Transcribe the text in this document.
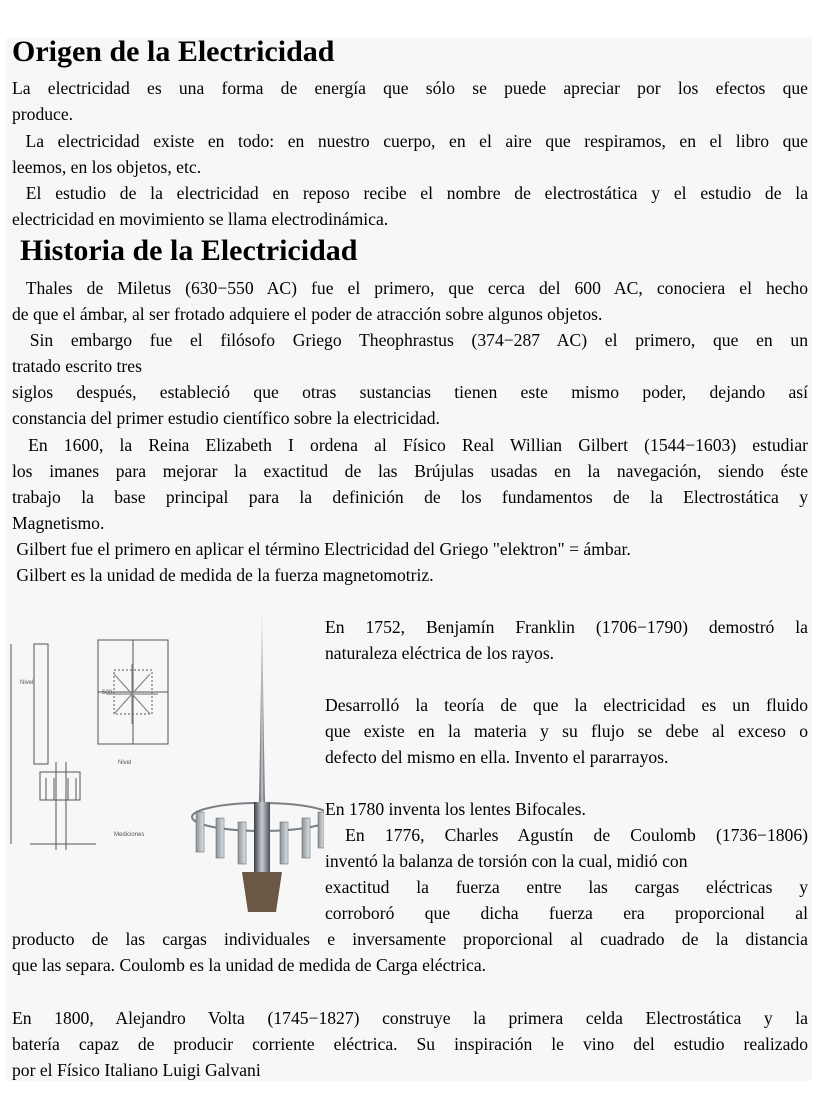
Origen de la Electricidad
La electricidad es una forma de energía que sólo se puede apreciar por los efectos que
produce.
La electricidad existe en todo: en nuestro cuerpo, en el aire que respiramos, en el libro que
leemos, en los objetos, etc.
El estudio de la electricidad en reposo recibe el nombre de electrostática y el estudio de la
electricidad en movimiento se llama electrodinámica.
Historia de la Electricidad
Thales de Miletus (630−550 AC) fue el primero, que cerca del 600 AC, conociera el hecho
de que el ámbar, al ser frotado adquiere el poder de atracción sobre algunos objetos.
Sin embargo fue el filósofo Griego Theophrastus (374−287 AC) el primero, que en un
tratado escrito tres
siglos después, estableció que otras sustancias tienen este mismo poder, dejando así
constancia del primer estudio científico sobre la electricidad.
En 1600, la Reina Elizabeth I ordena al Físico Real Willian Gilbert (1544−1603) estudiar
los imanes para mejorar la exactitud de las Brújulas usadas en la navegación, siendo éste
trabajo la base principal para la definición de los fundamentos de la Electrostática y
Magnetismo.
Gilbert fue el primero en aplicar el término Electricidad del Griego "elektron" = ámbar.
Gilbert es la unidad de medida de la fuerza magnetomotriz.
Nivel
500
Nivel
Mediciones
En 1752, Benjamín Franklin (1706−1790) demostró la
naturaleza eléctrica de los rayos.
Desarrolló la teoría de que la electricidad es un fluido
que existe en la materia y su flujo se debe al exceso o
defecto del mismo en ella. Invento el pararrayos.
En 1780 inventa los lentes Bifocales.
En 1776, Charles Agustín de Coulomb (1736−1806)
inventó la balanza de torsión con la cual, midió con
exactitud la fuerza entre las cargas eléctricas y
corroboró que dicha fuerza era proporcional al
producto de las cargas individuales e inversamente proporcional al cuadrado de la distancia
que las separa. Coulomb es la unidad de medida de Carga eléctrica.
En 1800, Alejandro Volta (1745−1827) construye la primera celda Electrostática y la
batería capaz de producir corriente eléctrica. Su inspiración le vino del estudio realizado
por el Físico Italiano Luigi Galvani
